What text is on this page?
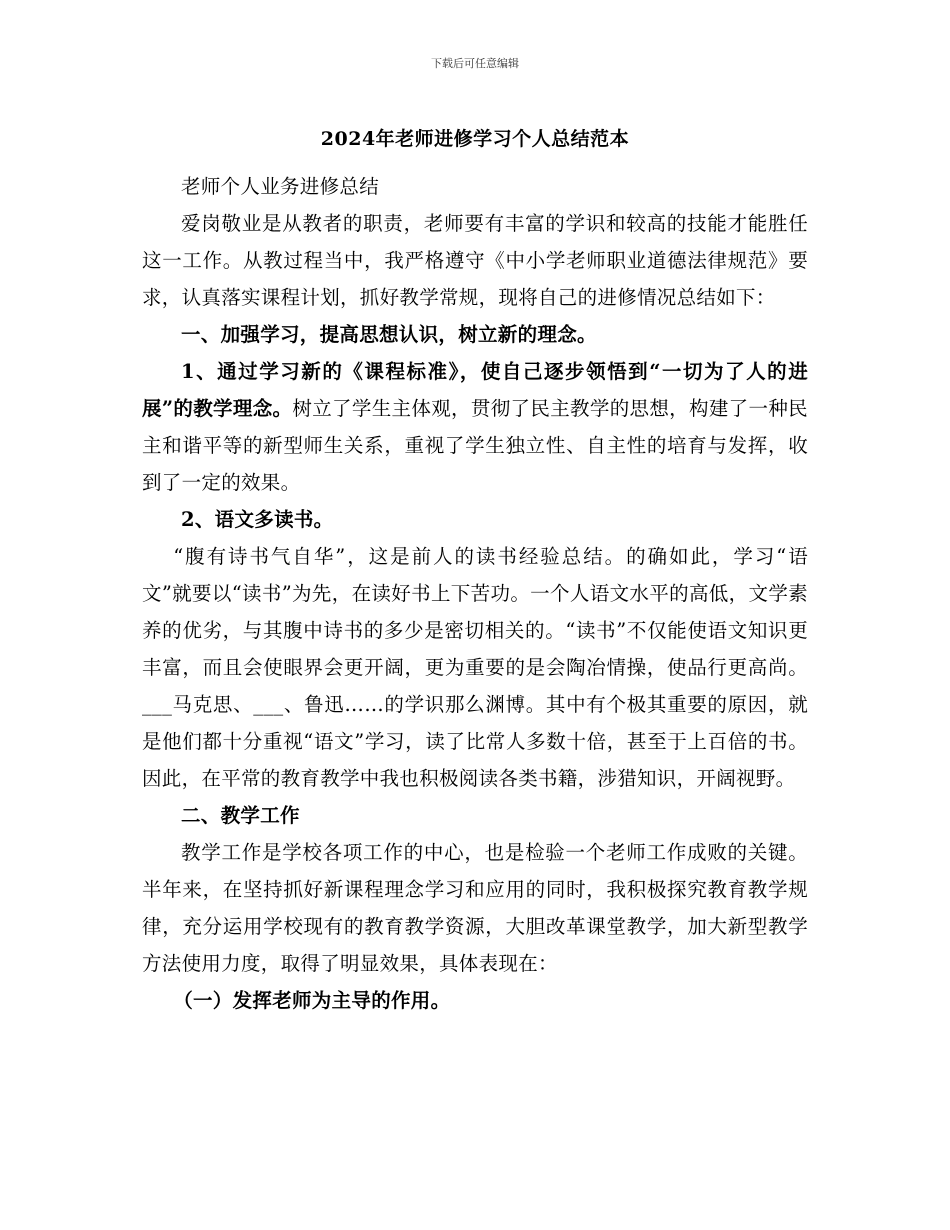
下载后可任意编辑
2024年老师进修学习个人总结范本

老师个人业务进修总结

爱岗敬业是从教者的职责，老师要有丰富的学识和较高的技能才能胜任这一工作。从教过程当中，我严格遵守《中小学老师职业道德法律规范》要求，认真落实课程计划，抓好教学常规，现将自己的进修情况总结如下：

一、加强学习，提高思想认识，树立新的理念。

1、通过学习新的《课程标准》，使自己逐步领悟到“一切为了人的进展”的教学理念。树立了学生主体观，贯彻了民主教学的思想，构建了一种民主和谐平等的新型师生关系，重视了学生独立性、自主性的培育与发挥，收到了一定的效果。

2、语文多读书。

“腹有诗书气自华”，这是前人的读书经验总结。的确如此，学习“语文”就要以“读书”为先，在读好书上下苦功。一个人语文水平的高低，文学素养的优劣，与其腹中诗书的多少是密切相关的。“读书”不仅能使语文知识更丰富，而且会使眼界会更开阔，更为重要的是会陶冶情操，使品行更高尚。___马克思、___、鲁迅……的学识那么渊博。其中有个极其重要的原因，就是他们都十分重视“语文”学习，读了比常人多数十倍，甚至于上百倍的书。因此，在平常的教育教学中我也积极阅读各类书籍，涉猎知识，开阔视野。

二、教学工作

教学工作是学校各项工作的中心，也是检验一个老师工作成败的关键。半年来，在坚持抓好新课程理念学习和应用的同时，我积极探究教育教学规律，充分运用学校现有的教育教学资源，大胆改革课堂教学，加大新型教学方法使用力度，取得了明显效果，具体表现在：

（一）发挥老师为主导的作用。
